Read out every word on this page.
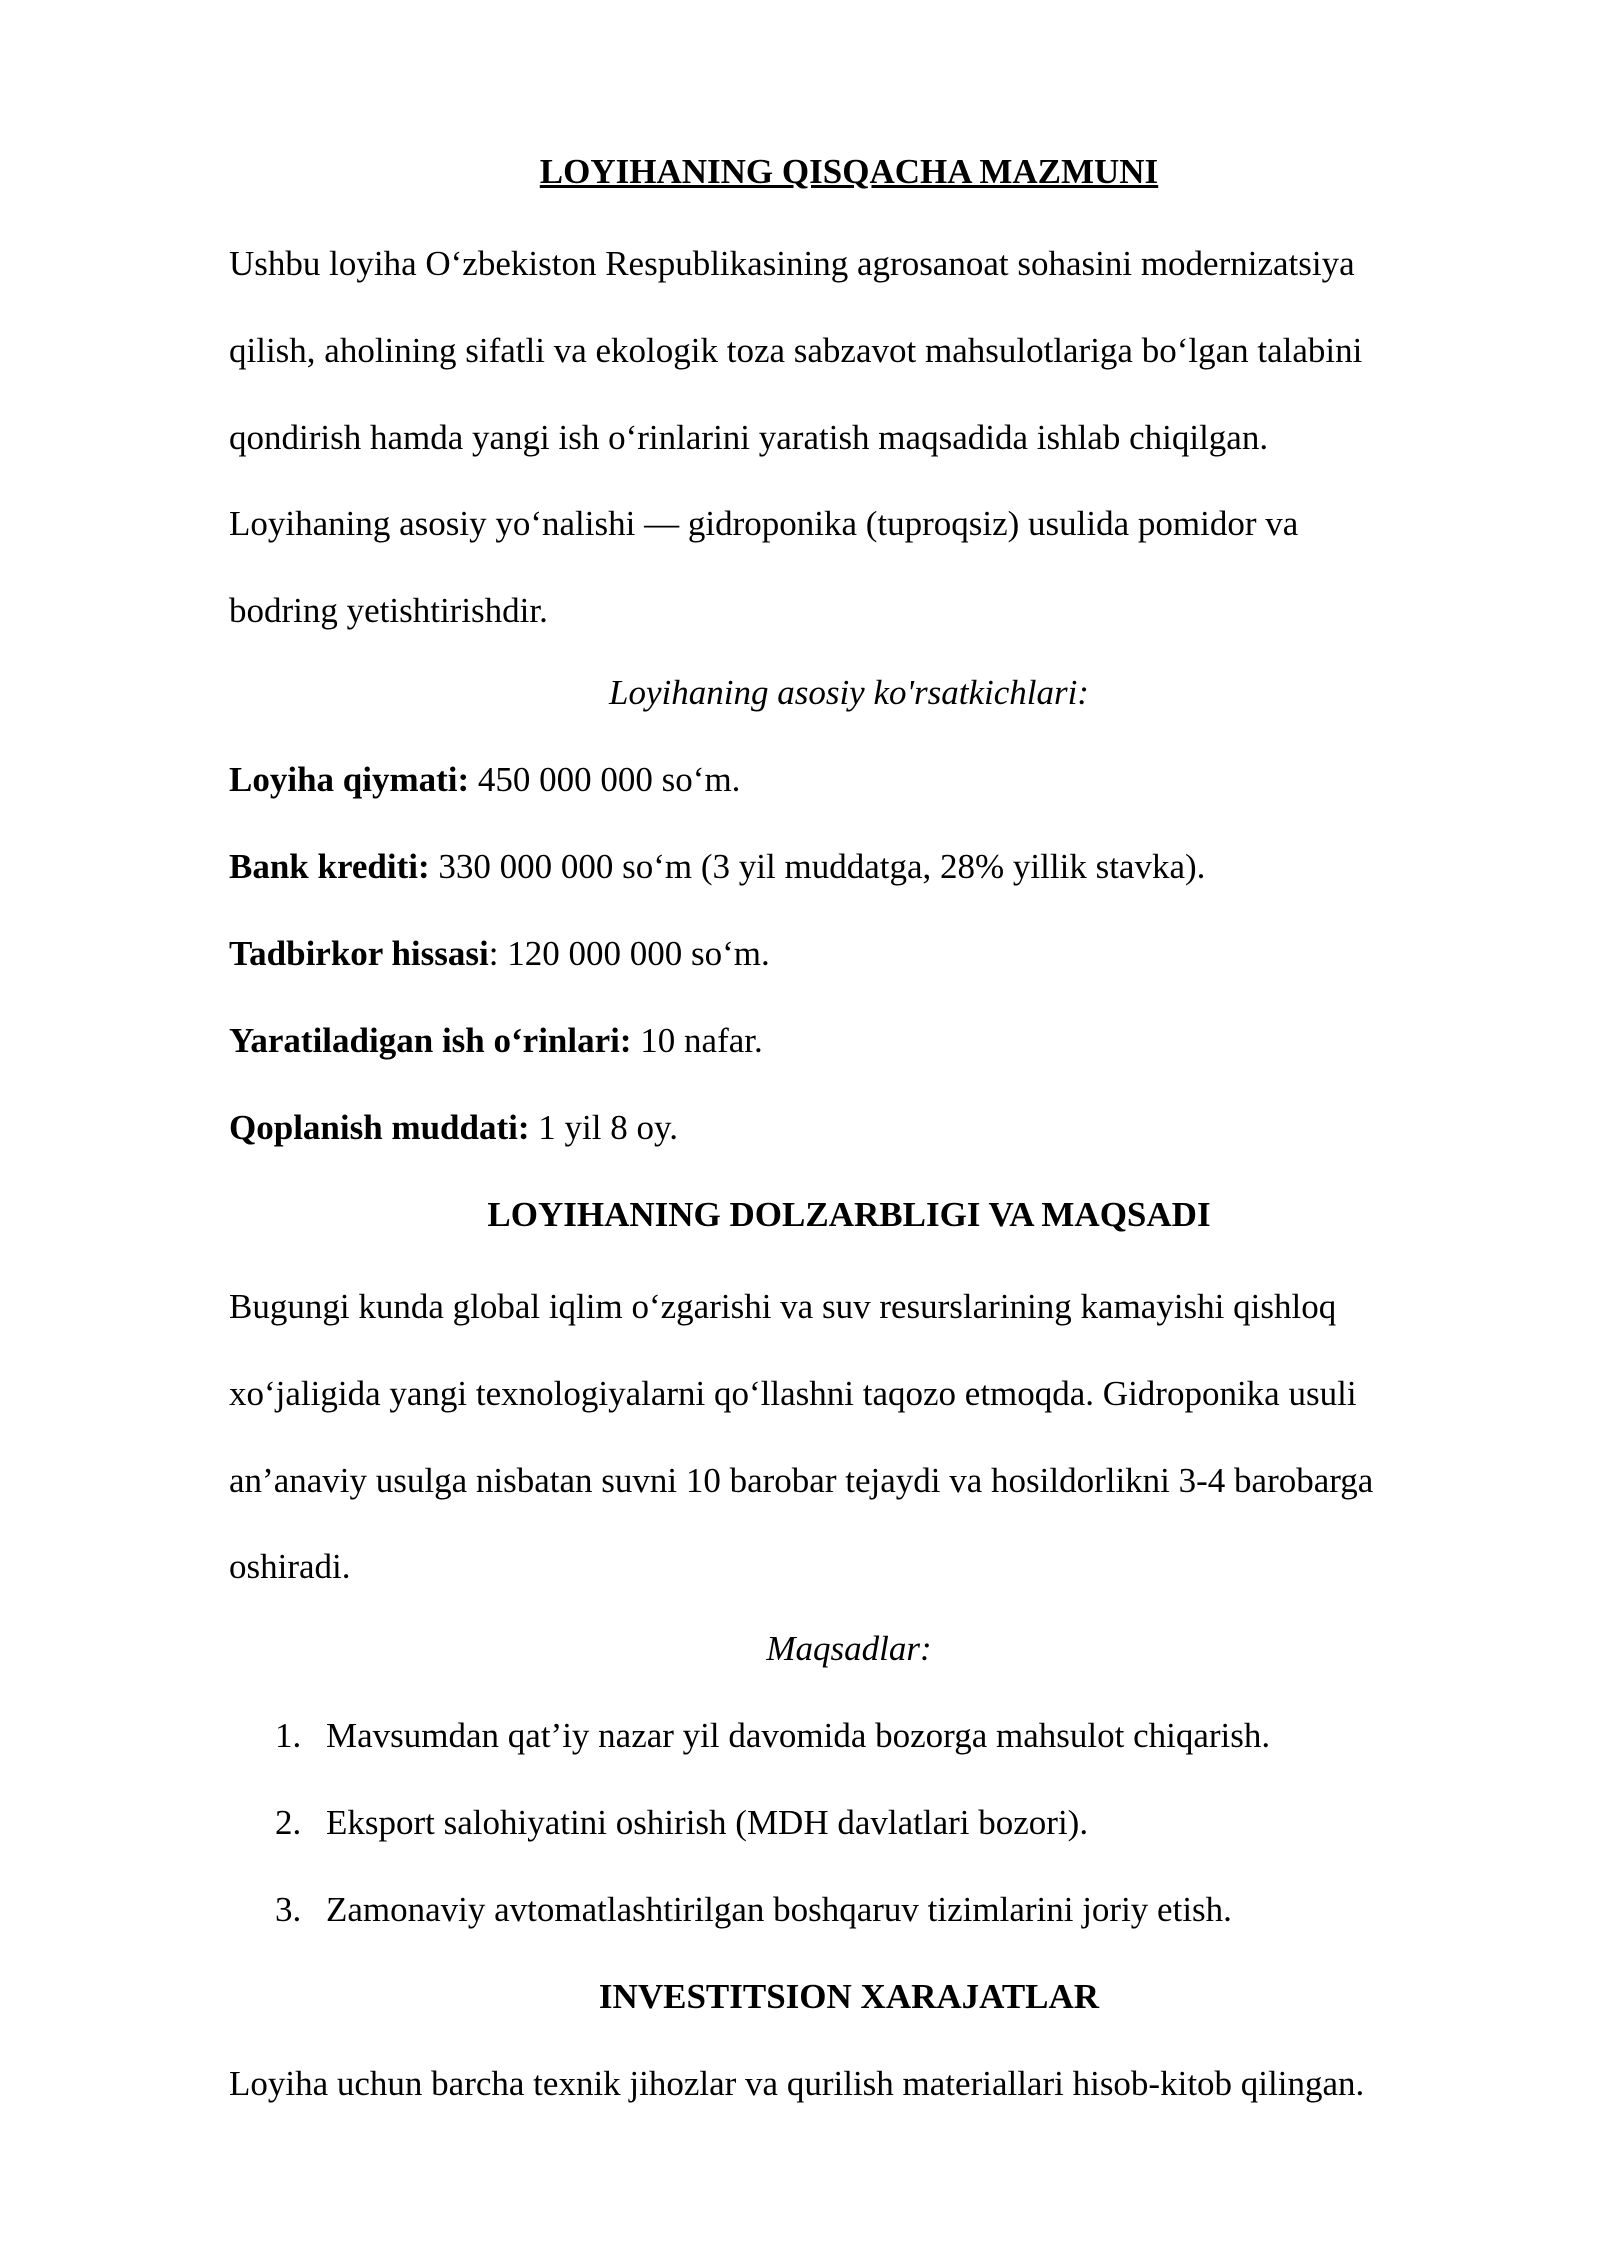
LOYIHANING QISQACHA MAZMUNI
Ushbu loyiha O‘zbekiston Respublikasining agrosanoat sohasini modernizatsiya
qilish, aholining sifatli va ekologik toza sabzavot mahsulotlariga bo‘lgan talabini
qondirish hamda yangi ish o‘rinlarini yaratish maqsadida ishlab chiqilgan.
Loyihaning asosiy yo‘nalishi — gidroponika (tuproqsiz) usulida pomidor va
bodring yetishtirishdir.
Loyihaning asosiy ko'rsatkichlari:
Loyiha qiymati: 450 000 000 so‘m.
Bank krediti: 330 000 000 so‘m (3 yil muddatga, 28% yillik stavka).
Tadbirkor hissasi: 120 000 000 so‘m.
Yaratiladigan ish o‘rinlari: 10 nafar.
Qoplanish muddati: 1 yil 8 oy.
LOYIHANING DOLZARBLIGI VA MAQSADI
Bugungi kunda global iqlim o‘zgarishi va suv resurslarining kamayishi qishloq
xo‘jaligida yangi texnologiyalarni qo‘llashni taqozo etmoqda. Gidroponika usuli
an’anaviy usulga nisbatan suvni 10 barobar tejaydi va hosildorlikni 3-4 barobarga
oshiradi.
Maqsadlar:
1. Mavsumdan qat’iy nazar yil davomida bozorga mahsulot chiqarish.
2. Eksport salohiyatini oshirish (MDH davlatlari bozori).
3. Zamonaviy avtomatlashtirilgan boshqaruv tizimlarini joriy etish.
INVESTITSION XARAJATLAR
Loyiha uchun barcha texnik jihozlar va qurilish materiallari hisob-kitob qilingan.
